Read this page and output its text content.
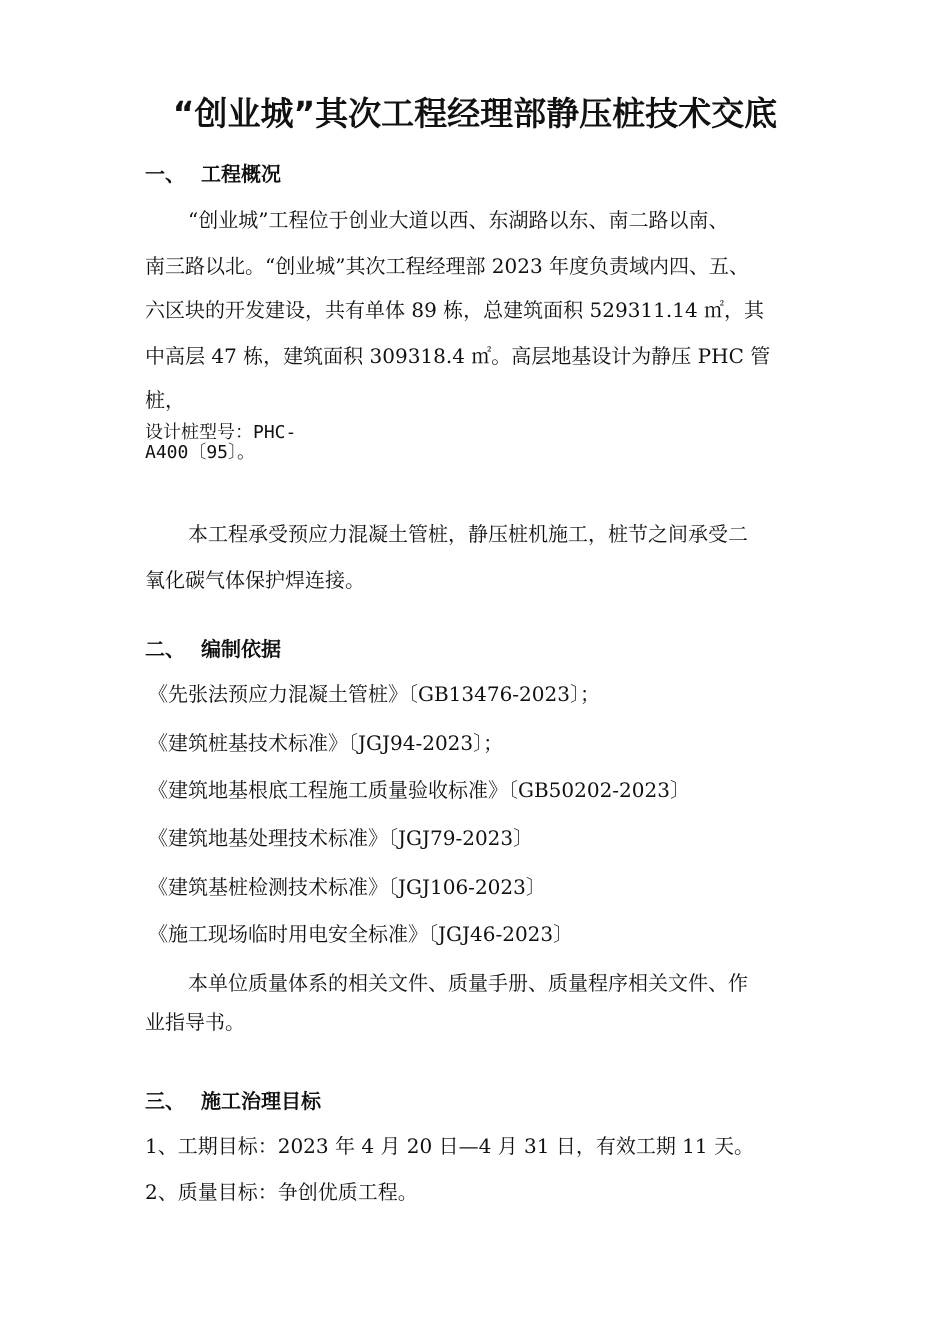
“创业城”其次工程经理部静压桩技术交底
一、 工程概况
“创业城”工程位于创业大道以西、东湖路以东、南二路以南、
南三路以北。“创业城”其次工程经理部 2023 年度负责域内四、五、
六区块的开发建设，共有单体 89 栋，总建筑面积 529311.14 ㎡，其
中高层 47 栋，建筑面积 309318.4 ㎡。高层地基设计为静压 PHC 管
桩，
设计桩型号：PHC-
A400〔95〕。
本工程承受预应力混凝土管桩，静压桩机施工，桩节之间承受二
氧化碳气体保护焊连接。
二、 编制依据
《先张法预应力混凝土管桩》〔GB13476-2023〕；
《建筑桩基技术标准》〔JGJ94-2023〕；
《建筑地基根底工程施工质量验收标准》〔GB50202-2023〕
《建筑地基处理技术标准》〔JGJ79-2023〕
《建筑基桩检测技术标准》〔JGJ106-2023〕
《施工现场临时用电安全标准》〔JGJ46-2023〕
本单位质量体系的相关文件、质量手册、质量程序相关文件、作
业指导书。
三、 施工治理目标
1、工期目标：2023 年 4 月 20 日—4 月 31 日，有效工期 11 天。
2、质量目标：争创优质工程。
